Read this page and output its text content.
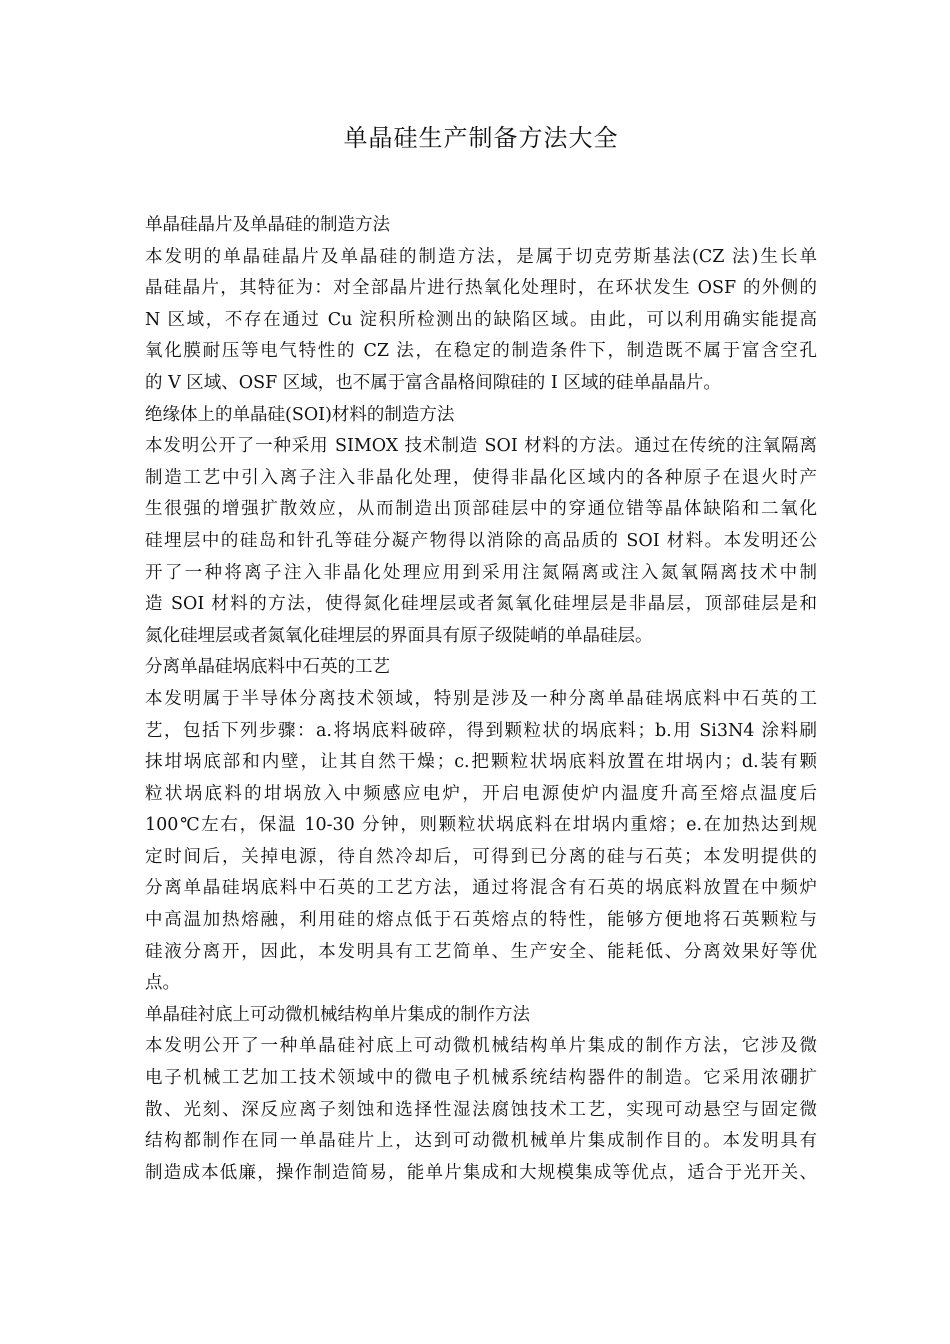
单晶硅生产制备方法大全
单晶硅晶片及单晶硅的制造方法
本发明的单晶硅晶片及单晶硅的制造方法，是属于切克劳斯基法(CZ 法)生长单
晶硅晶片，其特征为：对全部晶片进行热氧化处理时，在环状发生 OSF 的外侧的
N 区域，不存在通过 Cu 淀积所检测出的缺陷区域。由此，可以利用确实能提高
氧化膜耐压等电气特性的 CZ 法，在稳定的制造条件下，制造既不属于富含空孔
的 V 区域、OSF 区域，也不属于富含晶格间隙硅的 I 区域的硅单晶晶片。
绝缘体上的单晶硅(SOI)材料的制造方法
本发明公开了一种采用 SIMOX 技术制造 SOI 材料的方法。通过在传统的注氧隔离
制造工艺中引入离子注入非晶化处理，使得非晶化区域内的各种原子在退火时产
生很强的增强扩散效应，从而制造出顶部硅层中的穿通位错等晶体缺陷和二氧化
硅埋层中的硅岛和针孔等硅分凝产物得以消除的高品质的 SOI 材料。本发明还公
开了一种将离子注入非晶化处理应用到采用注氮隔离或注入氮氧隔离技术中制
造 SOI 材料的方法，使得氮化硅埋层或者氮氧化硅埋层是非晶层，顶部硅层是和
氮化硅埋层或者氮氧化硅埋层的界面具有原子级陡峭的单晶硅层。
分离单晶硅埚底料中石英的工艺
本发明属于半导体分离技术领域，特别是涉及一种分离单晶硅埚底料中石英的工
艺，包括下列步骤：a.将埚底料破碎，得到颗粒状的埚底料；b.用 Si3N4 涂料刷
抹坩埚底部和内壁，让其自然干燥；c.把颗粒状埚底料放置在坩埚内；d.装有颗
粒状埚底料的坩埚放入中频感应电炉，开启电源使炉内温度升高至熔点温度后
100℃左右，保温 10-30 分钟，则颗粒状埚底料在坩埚内重熔；e.在加热达到规
定时间后，关掉电源，待自然冷却后，可得到已分离的硅与石英；本发明提供的
分离单晶硅埚底料中石英的工艺方法，通过将混含有石英的埚底料放置在中频炉
中高温加热熔融，利用硅的熔点低于石英熔点的特性，能够方便地将石英颗粒与
硅液分离开，因此，本发明具有工艺简单、生产安全、能耗低、分离效果好等优
点。
单晶硅衬底上可动微机械结构单片集成的制作方法
本发明公开了一种单晶硅衬底上可动微机械结构单片集成的制作方法，它涉及微
电子机械工艺加工技术领域中的微电子机械系统结构器件的制造。它采用浓硼扩
散、光刻、深反应离子刻蚀和选择性湿法腐蚀技术工艺，实现可动悬空与固定微
结构都制作在同一单晶硅片上，达到可动微机械单片集成制作目的。本发明具有
制造成本低廉，操作制造简易，能单片集成和大规模集成等优点，适合于光开关、
